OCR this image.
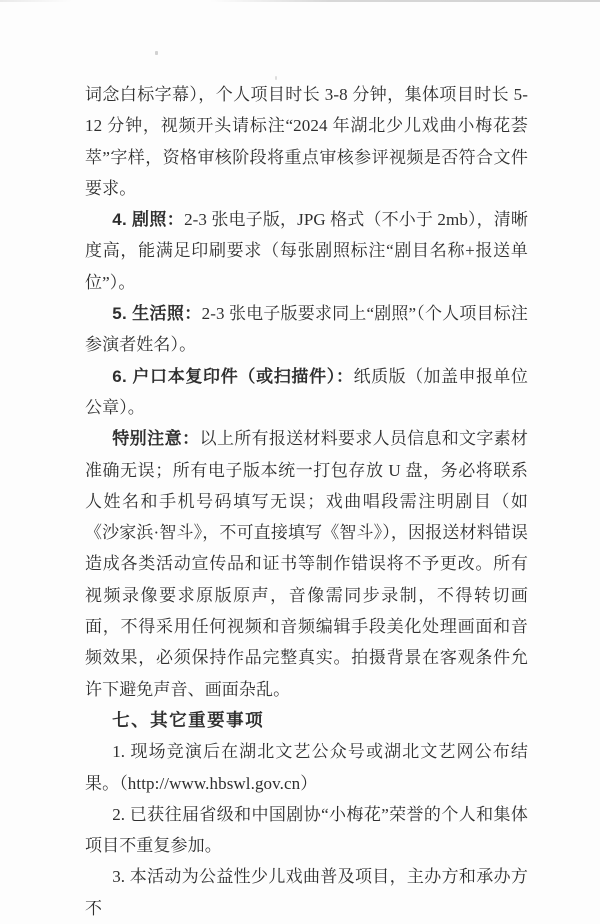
词念白标字幕），个人项目时长 3-8 分钟，集体项目时长 5-12 分钟，视频开头请标注“2024 年湖北少儿戏曲小梅花荟萃”字样，资格审核阶段将重点审核参评视频是否符合文件要求。

4. 剧照：2-3 张电子版，JPG 格式（不小于 2mb），清晰度高，能满足印刷要求（每张剧照标注“剧目名称+报送单位”）。

5. 生活照：2-3 张电子版要求同上“剧照”（个人项目标注参演者姓名）。

6. 户口本复印件（或扫描件）：纸质版（加盖申报单位公章）。

特别注意：以上所有报送材料要求人员信息和文字素材准确无误；所有电子版本统一打包存放 U 盘，务必将联系人姓名和手机号码填写无误；戏曲唱段需注明剧目（如《沙家浜·智斗》，不可直接填写《智斗》），因报送材料错误造成各类活动宣传品和证书等制作错误将不予更改。所有视频录像要求原版原声，音像需同步录制，不得转切画面，不得采用任何视频和音频编辑手段美化处理画面和音频效果，必须保持作品完整真实。拍摄背景在客观条件允许下避免声音、画面杂乱。

七、其它重要事项

1. 现场竞演后在湖北文艺公众号或湖北文艺网公布结果。（http://www.hbswl.gov.cn）

2. 已获往届省级和中国剧协“小梅花”荣誉的个人和集体项目不重复参加。

3. 本活动为公益性少儿戏曲普及项目，主办方和承办方不
